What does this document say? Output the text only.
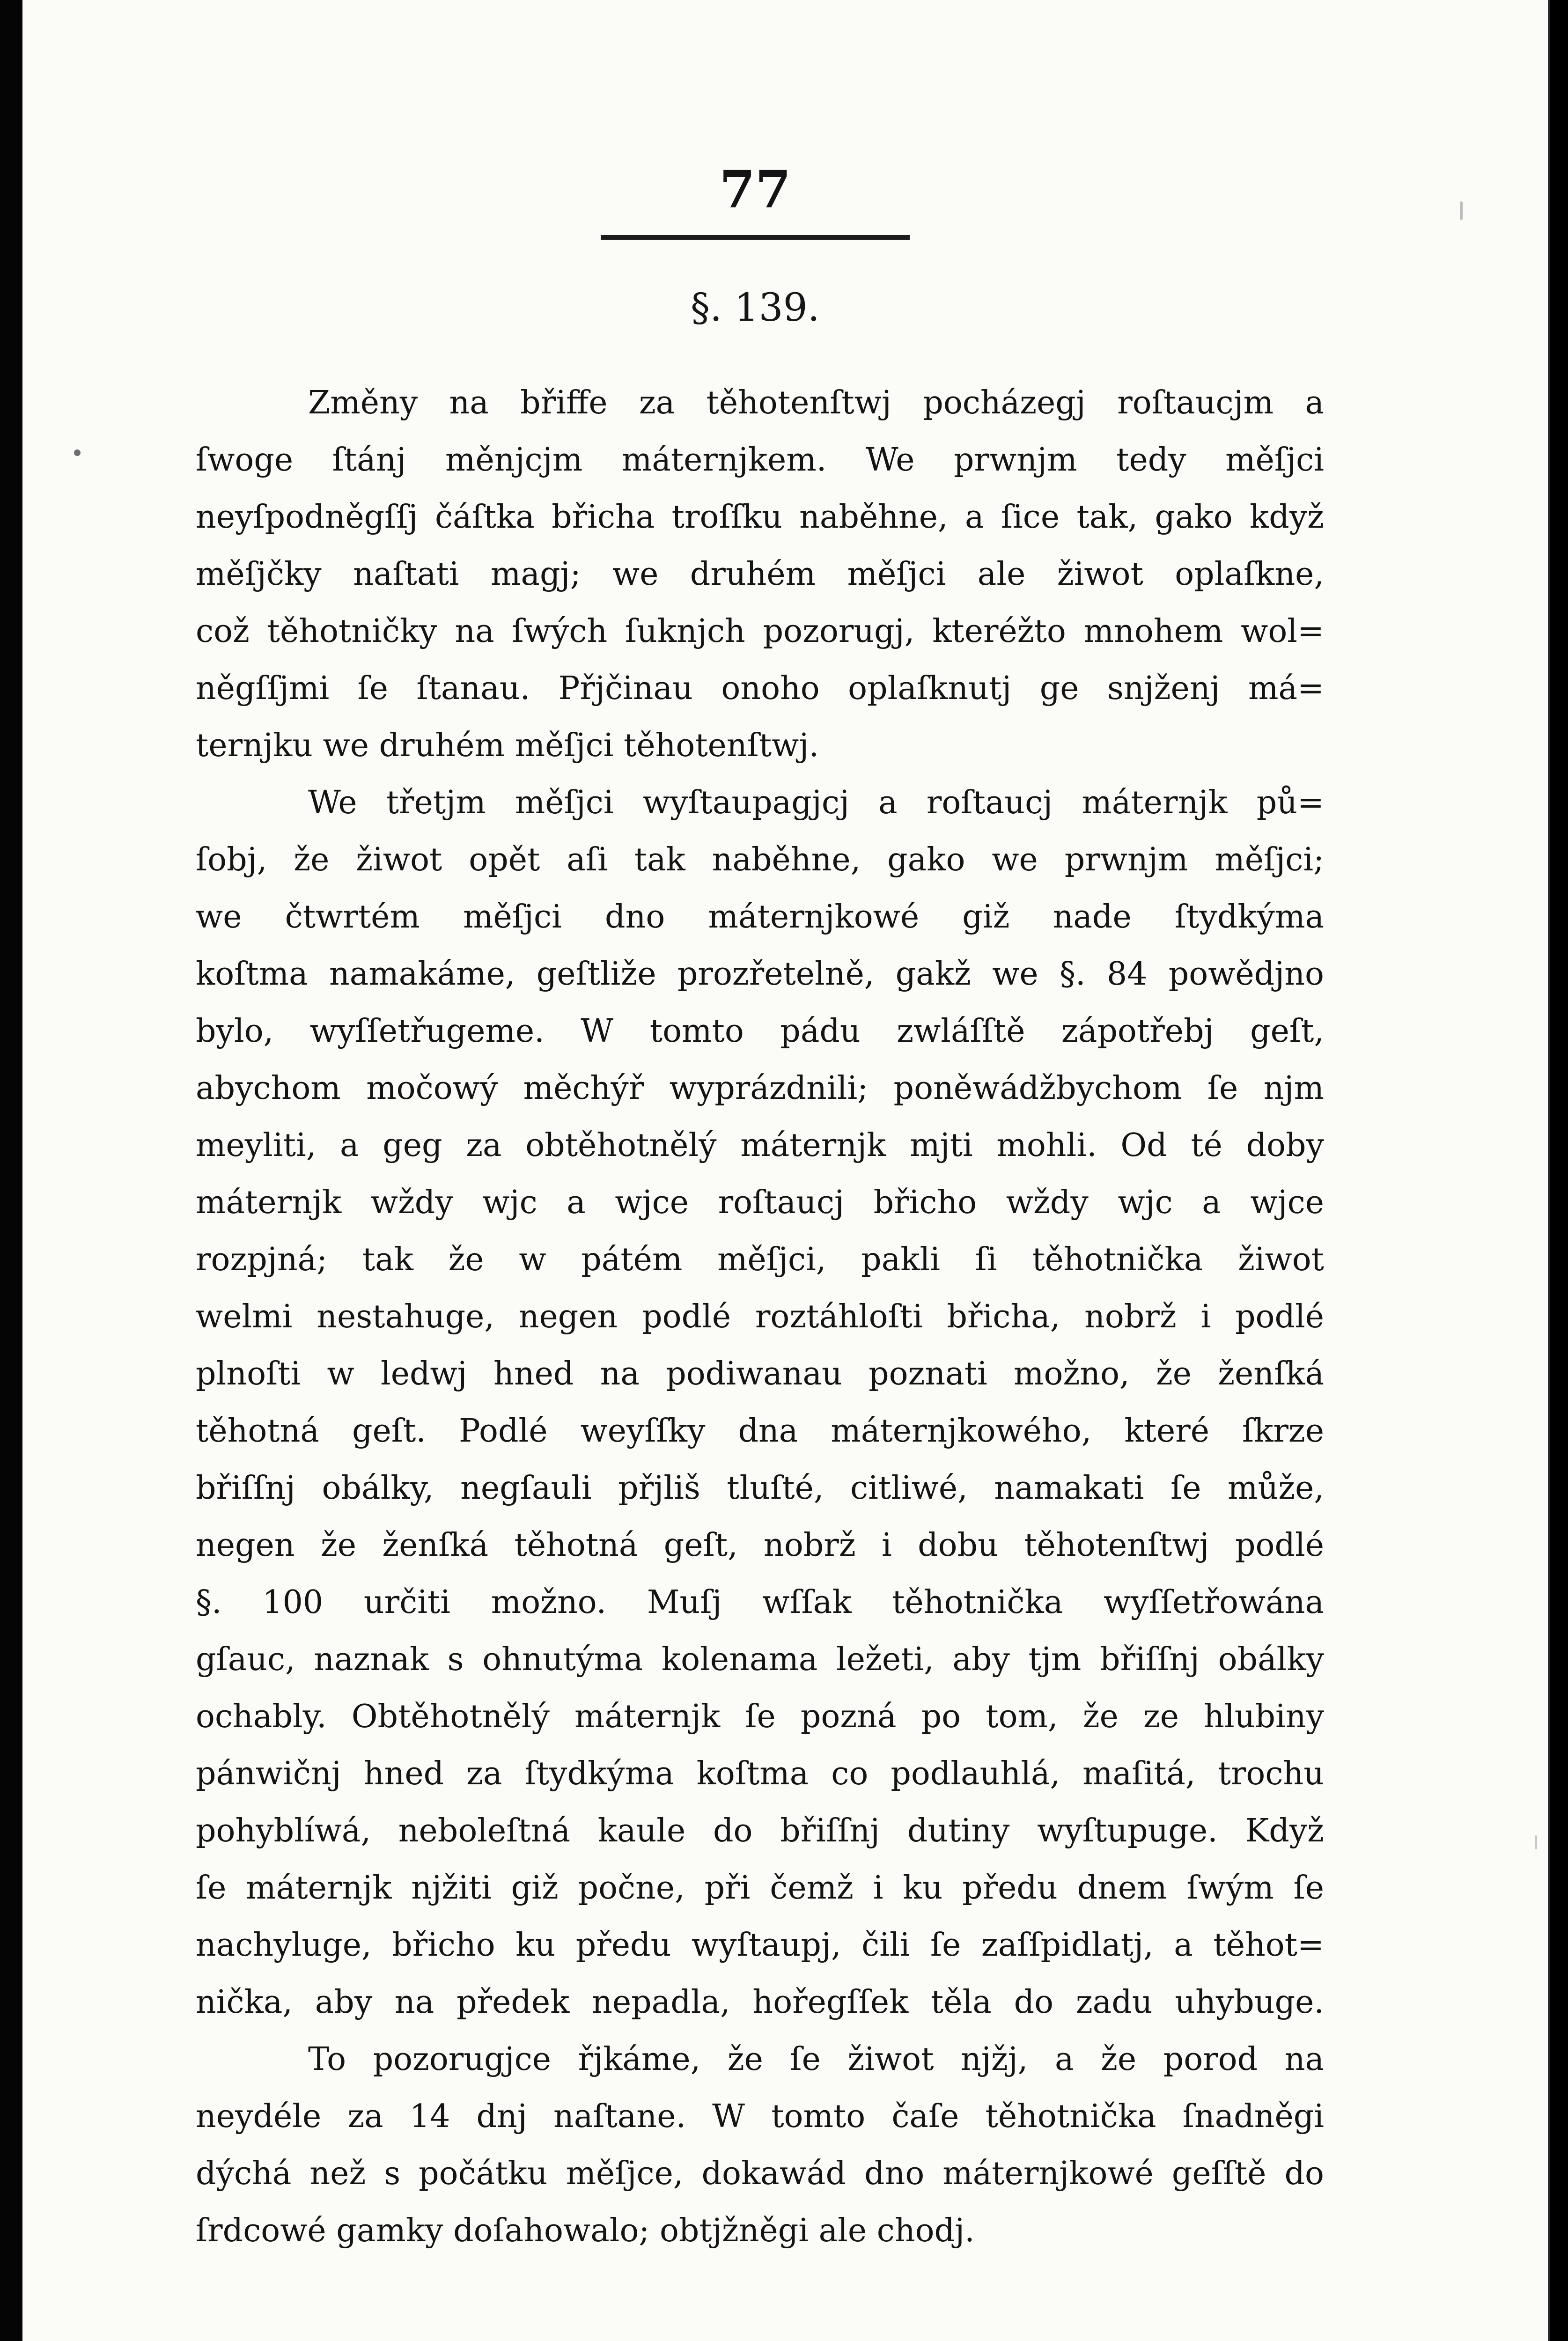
77
§. 139.
Změny na břiffe za těhotenſtwj pocházegj roſtaucjm a
ſwoge ſtánj měnjcjm máternjkem. We prwnjm tedy měſjci
neyſpodněgſſj čáſtka břicha troſſku naběhne, a ſice tak, gako když
měſjčky naſtati magj; we druhém měſjci ale žiwot oplaſkne,
což těhotničky na ſwých ſuknjch pozorugj, kteréžto mnohem wol=
něgſſjmi ſe ſtanau. Přjčinau onoho oplaſknutj ge snjženj má=
ternjku we druhém měſjci těhotenſtwj.
We třetjm měſjci wyſtaupagjcj a roſtaucj máternjk pů=
ſobj, že žiwot opět aſi tak naběhne, gako we prwnjm měſjci;
we čtwrtém měſjci dno máternjkowé giž nade ſtydkýma
koſtma namakáme, geſtliže prozřetelně, gakž we §. 84 powědjno
bylo, wyſſetřugeme. W tomto pádu zwláſſtě zápotřebj geſt,
abychom močowý měchýř wyprázdnili; poněwádžbychom ſe njm
meyliti, a geg za obtěhotnělý máternjk mjti mohli. Od té doby
máternjk wždy wjc a wjce roſtaucj břicho wždy wjc a wjce
rozpjná; tak že w pátém měſjci, pakli ſi těhotnička žiwot
welmi nestahuge, negen podlé roztáhloſti břicha, nobrž i podlé
plnoſti w ledwj hned na podiwanau poznati možno, že ženſká
těhotná geſt. Podlé weyſſky dna máternjkowého, které ſkrze
břiſſnj obálky, negſauli přjliš tluſté, citliwé, namakati ſe může,
negen že ženſká těhotná geſt, nobrž i dobu těhotenſtwj podlé
§. 100 určiti možno. Muſj wſſak těhotnička wyſſetřowána
gſauc, naznak s ohnutýma kolenama ležeti, aby tjm břiſſnj obálky
ochably. Obtěhotnělý máternjk ſe pozná po tom, že ze hlubiny
pánwičnj hned za ſtydkýma koſtma co podlauhlá, maſitá, trochu
pohyblíwá, neboleſtná kaule do břiſſnj dutiny wyſtupuge. Když
ſe máternjk njžiti giž počne, při čemž i ku předu dnem ſwým ſe
nachyluge, břicho ku předu wyſtaupj, čili ſe zaſſpidlatj, a těhot=
nička, aby na předek nepadla, hořegſſek těla do zadu uhybuge.
To pozorugjce řjkáme, že ſe žiwot njžj, a že porod na
neydéle za 14 dnj naſtane. W tomto čaſe těhotnička ſnadněgi
dýchá než s počátku měſjce, dokawád dno máternjkowé geſſtě do
ſrdcowé gamky doſahowalo; obtjžněgi ale chodj.
